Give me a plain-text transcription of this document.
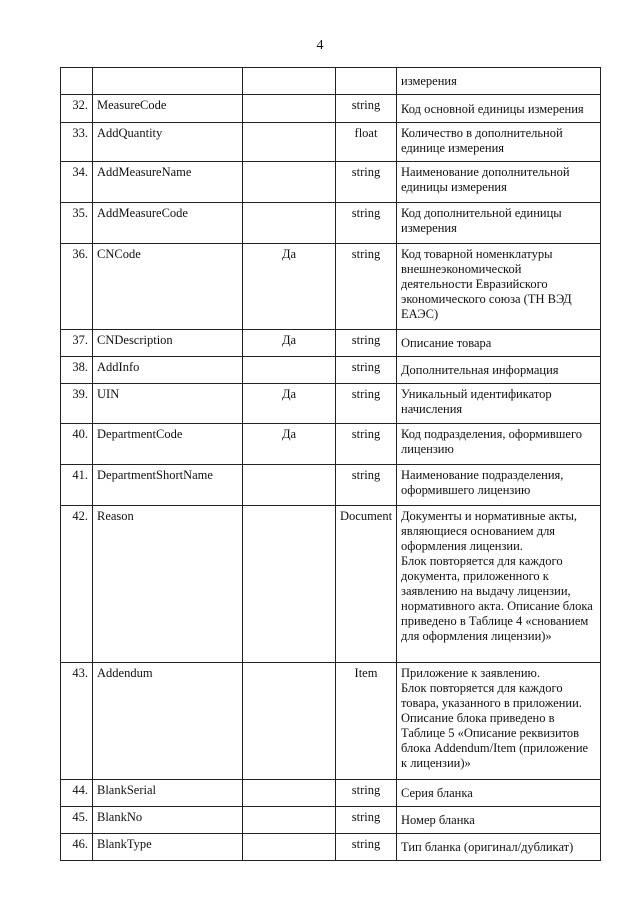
4
				измерения
32.	MeasureCode		string	Код основной единицы измерения
33.	AddQuantity		float	Количество в дополнительной единице измерения
34.	AddMeasureName		string	Наименование дополнительной единицы измерения
35.	AddMeasureCode		string	Код дополнительной единицы измерения
36.	CNCode	Да	string	Код товарной номенклатуры внешнеэкономической деятельности Евразийского экономического союза (ТН ВЭД ЕАЭС)
37.	CNDescription	Да	string	Описание товара
38.	AddInfo		string	Дополнительная информация
39.	UIN	Да	string	Уникальный идентификатор начисления
40.	DepartmentCode	Да	string	Код подразделения, оформившего лицензию
41.	DepartmentShortName		string	Наименование подразделения, оформившего лицензию
42.	Reason		Document	Документы и нормативные акты, являющиеся основанием для оформления лицензии.
Блок повторяется для каждого документа, приложенного к заявлению на выдачу лицензии, нормативного акта. Описание блока приведено в Таблице 4 «снованием для оформления лицензии)»
43.	Addendum		Item	Приложение к заявлению.
Блок повторяется для каждого товара, указанного в приложении. Описание блока приведено в Таблице 5 «Описание реквизитов блока Addendum/Item (приложение к лицензии)»
44.	BlankSerial		string	Серия бланка
45.	BlankNo		string	Номер бланка
46.	BlankType		string	Тип бланка (оригинал/дубликат)
